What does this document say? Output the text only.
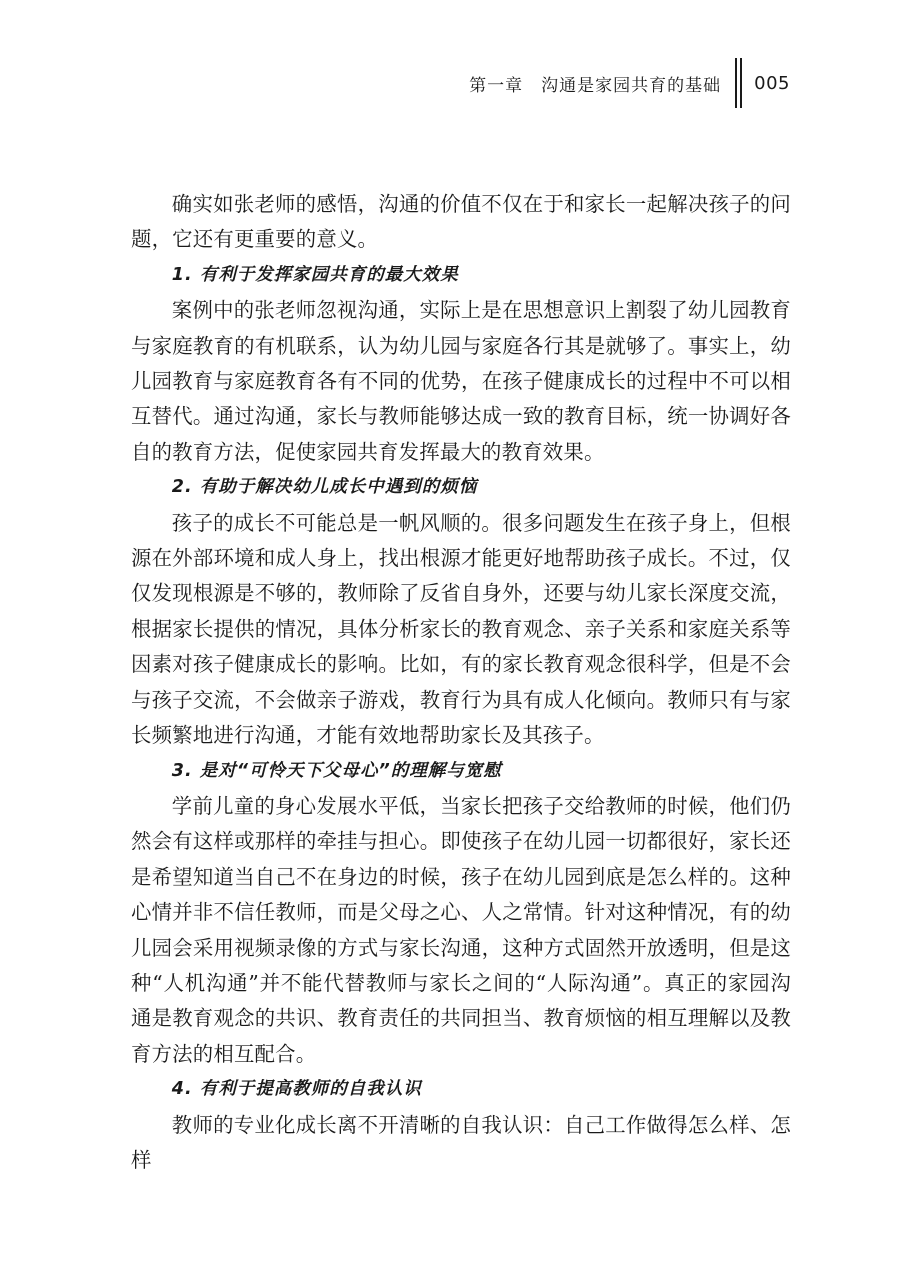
第一章　沟通是家园共育的基础 005

确实如张老师的感悟，沟通的价值不仅在于和家长一起解决孩子的问题，它还有更重要的意义。

1. 有利于发挥家园共育的最大效果

案例中的张老师忽视沟通，实际上是在思想意识上割裂了幼儿园教育与家庭教育的有机联系，认为幼儿园与家庭各行其是就够了。事实上，幼儿园教育与家庭教育各有不同的优势，在孩子健康成长的过程中不可以相互替代。通过沟通，家长与教师能够达成一致的教育目标，统一协调好各自的教育方法，促使家园共育发挥最大的教育效果。

2. 有助于解决幼儿成长中遇到的烦恼

孩子的成长不可能总是一帆风顺的。很多问题发生在孩子身上，但根源在外部环境和成人身上，找出根源才能更好地帮助孩子成长。不过，仅仅发现根源是不够的，教师除了反省自身外，还要与幼儿家长深度交流，根据家长提供的情况，具体分析家长的教育观念、亲子关系和家庭关系等因素对孩子健康成长的影响。比如，有的家长教育观念很科学，但是不会与孩子交流，不会做亲子游戏，教育行为具有成人化倾向。教师只有与家长频繁地进行沟通，才能有效地帮助家长及其孩子。

3. 是对“可怜天下父母心”的理解与宽慰

学前儿童的身心发展水平低，当家长把孩子交给教师的时候，他们仍然会有这样或那样的牵挂与担心。即使孩子在幼儿园一切都很好，家长还是希望知道当自己不在身边的时候，孩子在幼儿园到底是怎么样的。这种心情并非不信任教师，而是父母之心、人之常情。针对这种情况，有的幼儿园会采用视频录像的方式与家长沟通，这种方式固然开放透明，但是这种“人机沟通”并不能代替教师与家长之间的“人际沟通”。真正的家园沟通是教育观念的共识、教育责任的共同担当、教育烦恼的相互理解以及教育方法的相互配合。

4. 有利于提高教师的自我认识

教师的专业化成长离不开清晰的自我认识：自己工作做得怎么样、怎样
